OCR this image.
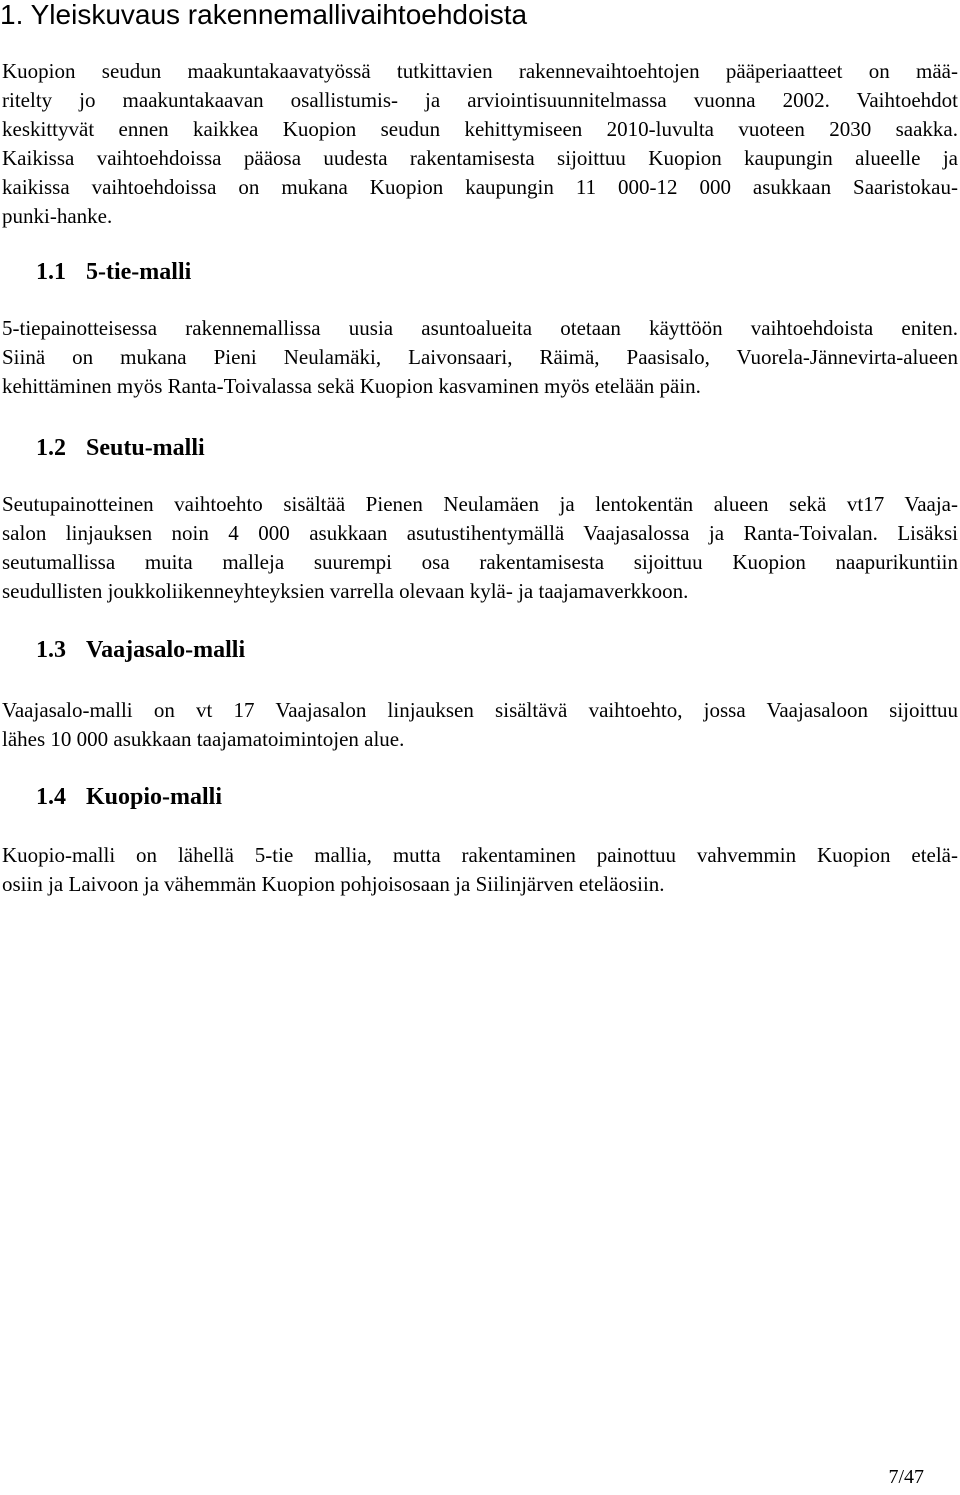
1. Yleiskuvaus rakennemallivaihtoehdoista
Kuopion seudun maakuntakaavatyössä tutkittavien rakennevaihtoehtojen pääperiaatteet on mää-
ritelty jo maakuntakaavan osallistumis- ja arviointisuunnitelmassa vuonna 2002. Vaihtoehdot
keskittyvät ennen kaikkea Kuopion seudun kehittymiseen 2010-luvulta vuoteen 2030 saakka.
Kaikissa vaihtoehdoissa pääosa uudesta rakentamisesta sijoittuu Kuopion kaupungin alueelle ja
kaikissa vaihtoehdoissa on mukana Kuopion kaupungin 11 000-12 000 asukkaan Saaristokau-
punki-hanke.
1.1 5-tie-malli
5-tiepainotteisessa rakennemallissa uusia asuntoalueita otetaan käyttöön vaihtoehdoista eniten.
Siinä on mukana Pieni Neulamäki, Laivonsaari, Räimä, Paasisalo, Vuorela-Jännevirta-alueen
kehittäminen myös Ranta-Toivalassa sekä Kuopion kasvaminen myös etelään päin.
1.2 Seutu-malli
Seutupainotteinen vaihtoehto sisältää Pienen Neulamäen ja lentokentän alueen sekä vt17 Vaaja-
salon linjauksen noin 4 000 asukkaan asutustihentymällä Vaajasalossa ja Ranta-Toivalan. Lisäksi
seutumallissa muita malleja suurempi osa rakentamisesta sijoittuu Kuopion naapurikuntiin
seudullisten joukkoliikenneyhteyksien varrella olevaan kylä- ja taajamaverkkoon.
1.3 Vaajasalo-malli
Vaajasalo-malli on vt 17 Vaajasalon linjauksen sisältävä vaihtoehto, jossa Vaajasaloon sijoittuu
lähes 10 000 asukkaan taajamatoimintojen alue.
1.4 Kuopio-malli
Kuopio-malli on lähellä 5-tie mallia, mutta rakentaminen painottuu vahvemmin Kuopion etelä-
osiin ja Laivoon ja vähemmän Kuopion pohjoisosaan ja Siilinjärven eteläosiin.
7/47
